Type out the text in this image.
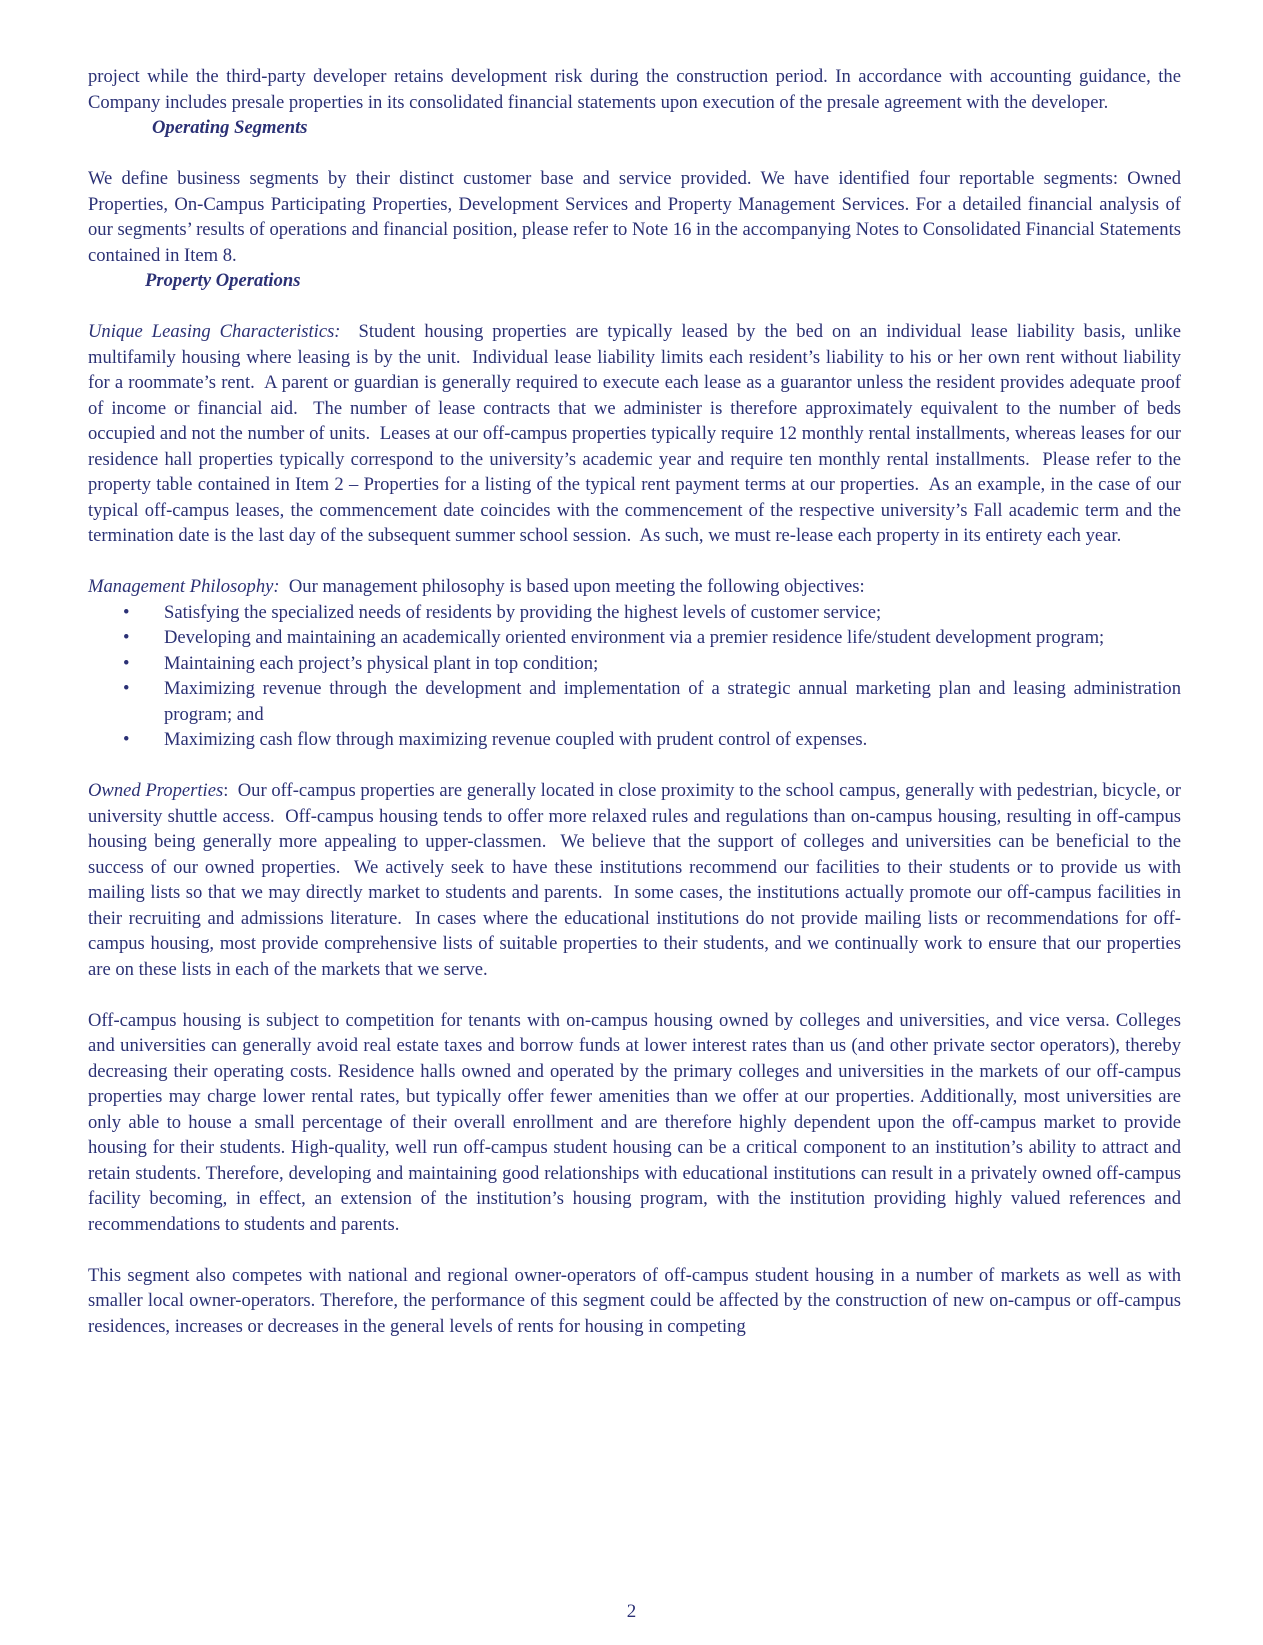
project while the third-party developer retains development risk during the construction period. In accordance with accounting guidance, the Company includes presale properties in its consolidated financial statements upon execution of the presale agreement with the developer.

Operating Segments

We define business segments by their distinct customer base and service provided. We have identified four reportable segments: Owned Properties, On-Campus Participating Properties, Development Services and Property Management Services. For a detailed financial analysis of our segments’ results of operations and financial position, please refer to Note 16 in the accompanying Notes to Consolidated Financial Statements contained in Item 8.

Property Operations

Unique Leasing Characteristics:  Student housing properties are typically leased by the bed on an individual lease liability basis, unlike multifamily housing where leasing is by the unit.  Individual lease liability limits each resident’s liability to his or her own rent without liability for a roommate’s rent.  A parent or guardian is generally required to execute each lease as a guarantor unless the resident provides adequate proof of income or financial aid.  The number of lease contracts that we administer is therefore approximately equivalent to the number of beds occupied and not the number of units.  Leases at our off-campus properties typically require 12 monthly rental installments, whereas leases for our residence hall properties typically correspond to the university’s academic year and require ten monthly rental installments.  Please refer to the property table contained in Item 2 – Properties for a listing of the typical rent payment terms at our properties.  As an example, in the case of our typical off-campus leases, the commencement date coincides with the commencement of the respective university’s Fall academic term and the termination date is the last day of the subsequent summer school session.  As such, we must re-lease each property in its entirety each year.

Management Philosophy:  Our management philosophy is based upon meeting the following objectives:

• Satisfying the specialized needs of residents by providing the highest levels of customer service;
• Developing and maintaining an academically oriented environment via a premier residence life/student development program;
• Maintaining each project’s physical plant in top condition;
• Maximizing revenue through the development and implementation of a strategic annual marketing plan and leasing administration program; and
• Maximizing cash flow through maximizing revenue coupled with prudent control of expenses.

Owned Properties:  Our off-campus properties are generally located in close proximity to the school campus, generally with pedestrian, bicycle, or university shuttle access.  Off-campus housing tends to offer more relaxed rules and regulations than on-campus housing, resulting in off-campus housing being generally more appealing to upper-classmen.  We believe that the support of colleges and universities can be beneficial to the success of our owned properties.  We actively seek to have these institutions recommend our facilities to their students or to provide us with mailing lists so that we may directly market to students and parents.  In some cases, the institutions actually promote our off-campus facilities in their recruiting and admissions literature.  In cases where the educational institutions do not provide mailing lists or recommendations for off-campus housing, most provide comprehensive lists of suitable properties to their students, and we continually work to ensure that our properties are on these lists in each of the markets that we serve.

Off-campus housing is subject to competition for tenants with on-campus housing owned by colleges and universities, and vice versa. Colleges and universities can generally avoid real estate taxes and borrow funds at lower interest rates than us (and other private sector operators), thereby decreasing their operating costs. Residence halls owned and operated by the primary colleges and universities in the markets of our off-campus properties may charge lower rental rates, but typically offer fewer amenities than we offer at our properties. Additionally, most universities are only able to house a small percentage of their overall enrollment and are therefore highly dependent upon the off-campus market to provide housing for their students. High-quality, well run off-campus student housing can be a critical component to an institution’s ability to attract and retain students. Therefore, developing and maintaining good relationships with educational institutions can result in a privately owned off-campus facility becoming, in effect, an extension of the institution’s housing program, with the institution providing highly valued references and recommendations to students and parents.

This segment also competes with national and regional owner-operators of off-campus student housing in a number of markets as well as with smaller local owner-operators. Therefore, the performance of this segment could be affected by the construction of new on-campus or off-campus residences, increases or decreases in the general levels of rents for housing in competing

2
